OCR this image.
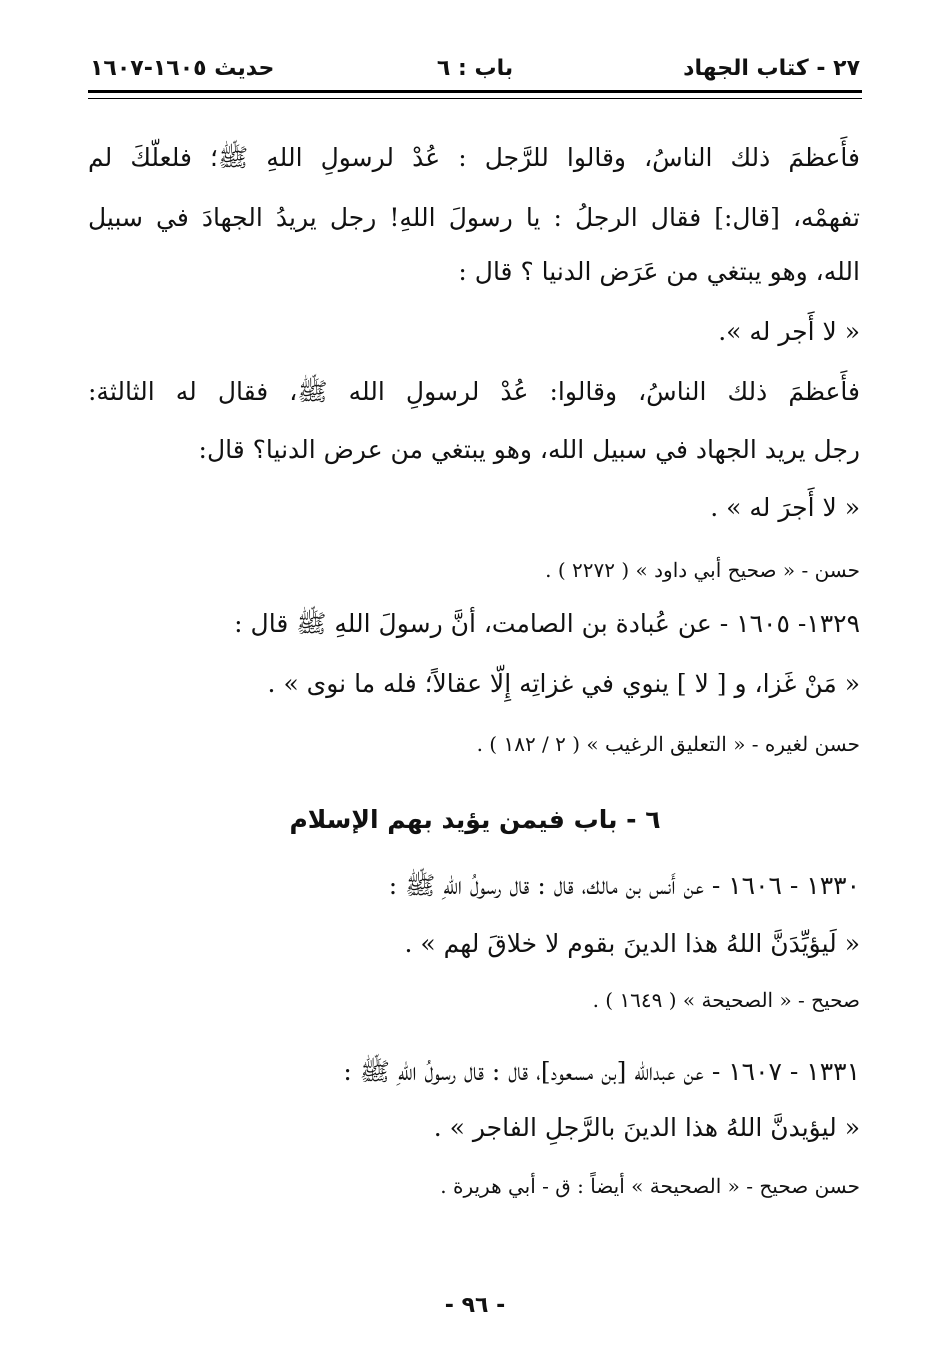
٢٧ - كتاب الجهاد
باب : ٦
حديث ١٦٠٥-١٦٠٧
فأَعظمَ ذلك الناسُ، وقالوا للرَّجل : عُدْ لرسولِ اللهِ ﷺ؛ فلعلّكَ لم
تفهمْه، [قال:] فقال الرجلُ : يا رسولَ اللهِ! رجل يريدُ الجهادَ في سبيل
الله، وهو يبتغي من عَرَض الدنيا ؟ قال :
« لا أَجر له ».
فأَعظمَ ذلك الناسُ، وقالوا: عُدْ لرسولِ الله ﷺ، فقال له الثالثة:
رجل يريد الجهاد في سبيل الله، وهو يبتغي من عرض الدنيا؟ قال:
« لا أَجرَ له » .
حسن - « صحيح أبي داود » ( ٢٢٧٢ ) .
١٣٢٩- ١٦٠٥ - عن عُبادة بن الصامت، أنَّ رسولَ اللهِ ﷺ قال :
« مَنْ غَزا، و [ لا ] ينوي في غزاتِه إِلّا عقالاً؛ فله ما نوى » .
حسن لغيره - « التعليق الرغيب » ( ٢ / ١٨٢ ) .
٦ - باب فيمن يؤيد بهم الإسلام
١٣٣٠ - ١٦٠٦ - عن أَنس بن مالك، قال : قال رسولُ اللهِ ﷺ :
« لَيؤيِّدَنَّ اللهُ هذا الدينَ بقوم لا خلاقَ لهم » .
صحيح - « الصحيحة » ( ١٦٤٩ ) .
١٣٣١ - ١٦٠٧ - عن عبدالله [بن مسعود]، قال : قال رسولُ اللهِ ﷺ :
« ليؤيدنَّ اللهُ هذا الدينَ بالرَّجلِ الفاجر » .
حسن صحيح - « الصحيحة » أيضاً : ق - أبي هريرة .
- ٩٦ -
